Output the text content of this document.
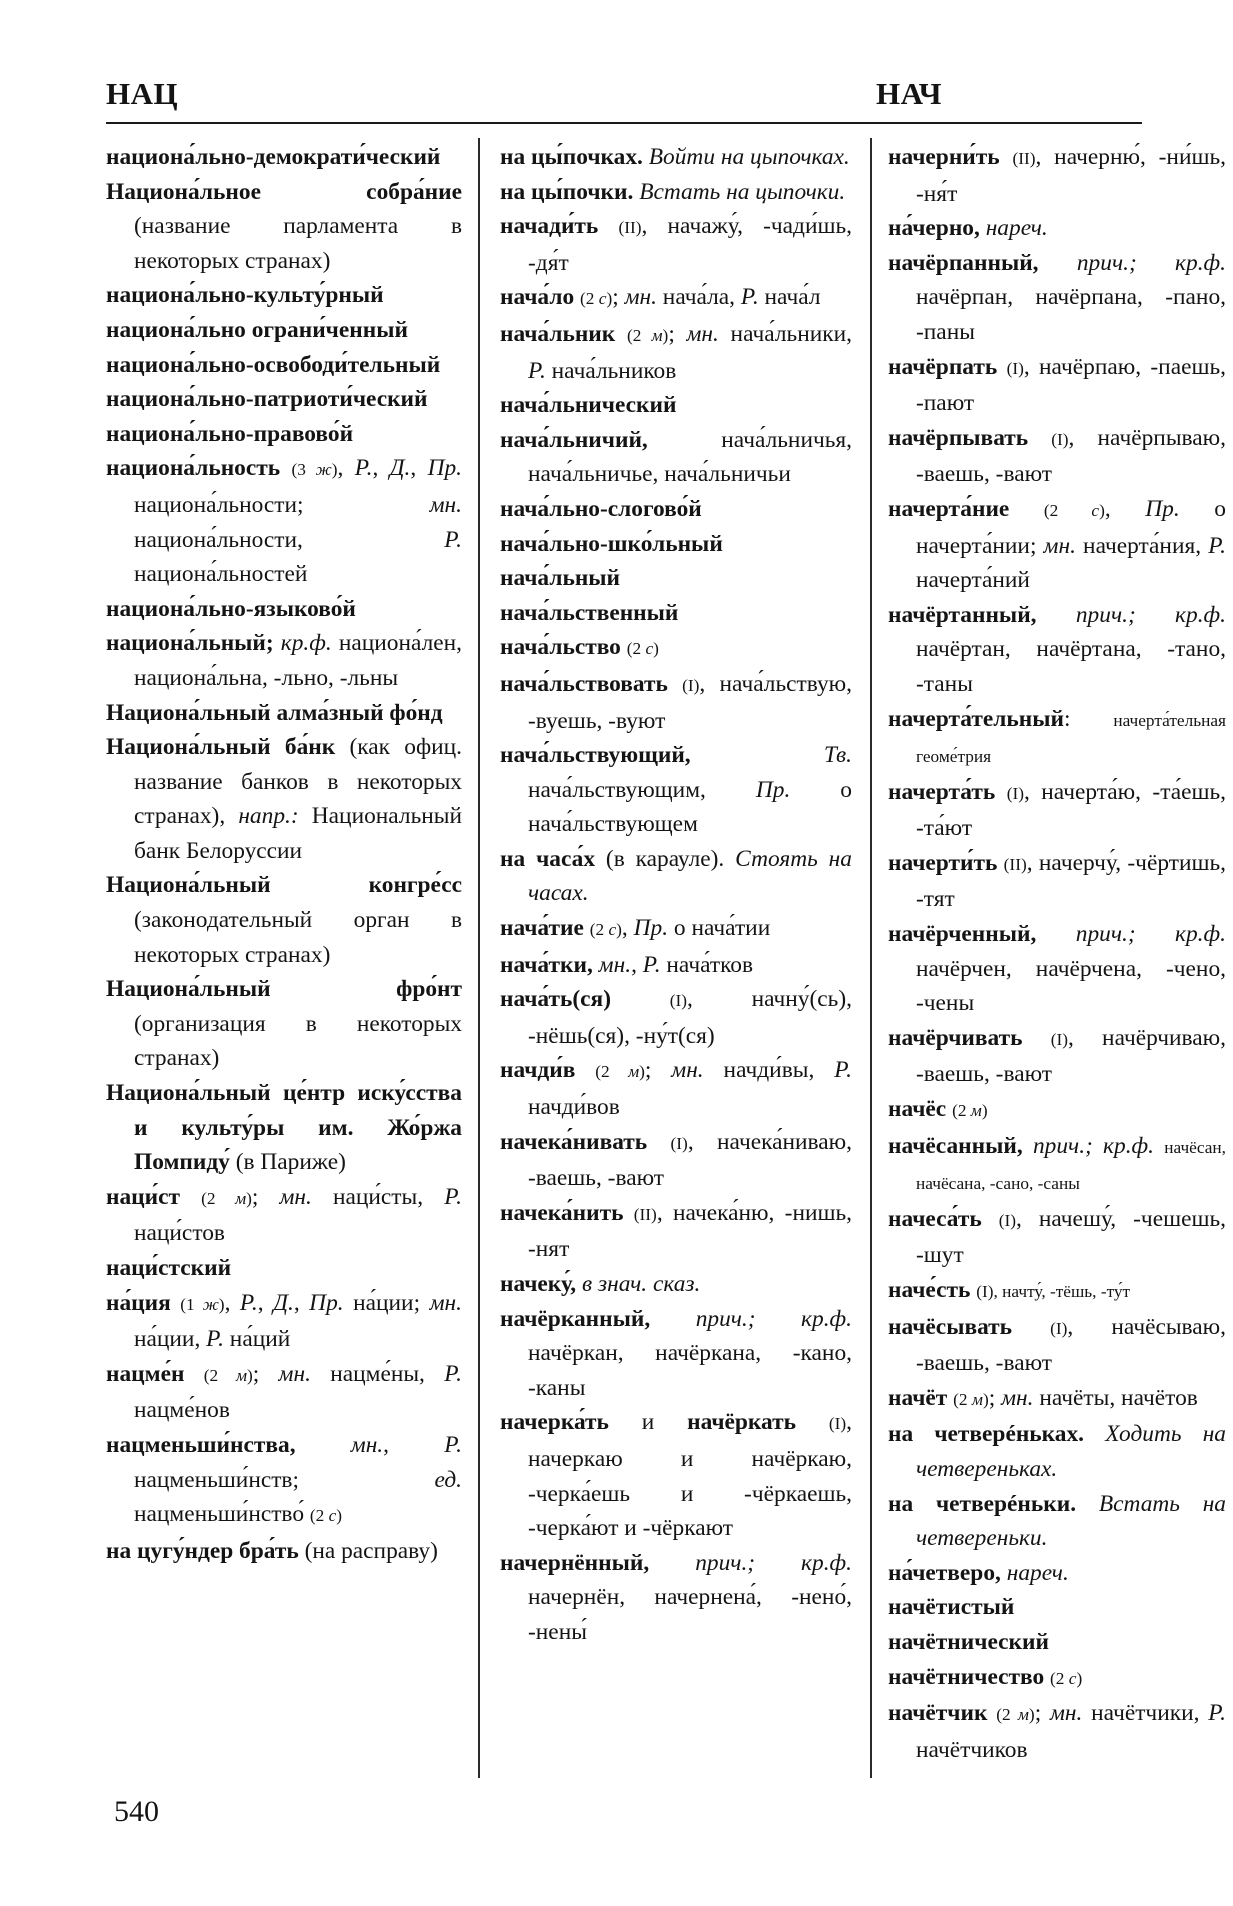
НАЦ	НАЧ

национа́льно-демократи́ческий

Национа́льное собра́ние (название парламента в некоторых странах)

национа́льно-культу́рный

национа́льно ограни́ченный

национа́льно-освободи́тельный

национа́льно-патриоти́ческий

национа́льно-правово́й

национа́льность (3 ж), Р., Д., Пр. национа́льности; мн. национа́льности, Р. национа́льностей

национа́льно-языково́й

национа́льный; кр.ф. национа́лен, национа́льна, -льно, -льны

Национа́льный алма́зный фо́нд

Национа́льный ба́нк (как офиц. название банков в некоторых странах), напр.: Национальный банк Белоруссии

Национа́льный конгре́сс (законодательный орган в некоторых странах)

Национа́льный фро́нт (организация в некоторых странах)

Национа́льный це́нтр иску́сства и культу́ры им. Жо́ржа Помпиду́ (в Париже)

наци́ст (2 м); мн. наци́сты, Р. наци́стов

наци́стский

на́ция (1 ж), Р., Д., Пр. на́ции; мн. на́ции, Р. на́ций

нацме́н (2 м); мн. нацме́ны, Р. нацме́нов

нацменьши́нства, мн., Р. нацменьши́нств; ед. нацменьши́нство́ (2 с)

на цугу́ндер бра́ть (на расправу)

на цы́почках. Войти на цыпочках.

на цы́почки. Встать на цыпочки.

начади́ть (II), начажу́, -чади́шь, -дя́т

нача́ло (2 с); мн. нача́ла, Р. нача́л

нача́льник (2 м); мн. нача́льники, Р. нача́льников

нача́льнический

нача́льничий, нача́льничья, нача́льничье, нача́льничьи

нача́льно-слогово́й

нача́льно-шко́льный

нача́льный

нача́льственный

нача́льство (2 с)

нача́льствовать (I), нача́льствую, -вуешь, -вуют

нача́льствующий,	Тв. нача́льствующим, Пр. о нача́льствующем

на часа́х (в карауле). Стоять на часах.

нача́тие (2 с), Пр. о нача́тии

нача́тки, мн., Р. нача́тков

нача́ть(ся)	(I), начну́(сь), -нёшь(ся), -ну́т(ся)

начди́в (2 м); мн. начди́вы, Р. начди́вов

начека́нивать (I), начека́ниваю, -ваешь, -вают

начека́нить (II), начека́ню, -нишь, -нят

начеку́, в знач. сказ.

начёрканный, прич.; кр.ф. начёркан, начёркана, -кано, -каны

начерка́ть и начёркать (I), начеркаю и начёркаю, -черка́ешь и -чёркаешь, -черка́ют и -чёркают

начернённый, прич.; кр.ф. начернён, начернена́, -нено́, -нены́

начерни́ть (II), начерню́, -ни́шь, -ня́т

на́черно, нареч.

начёрпанный, прич.; кр.ф. начёрпан, начёрпана, -пано, -паны

начёрпать (I), начёрпаю, -паешь, -пают

начёрпывать (I), начёрпываю, -ваешь, -вают

начерта́ние (2 с), Пр. о начерта́нии; мн. начерта́ния, Р. начерта́ний

начёртанный, прич.; кр.ф. начёртан, начёртана, -тано, -таны

начерта́тельный: начерта́тельная геоме́трия

начерта́ть (I), начерта́ю, -та́ешь, -та́ют

начерти́ть (II), начерчу́, -чёртишь, -тят

начёрченный, прич.; кр.ф. начёрчен, начёрчена, -чено, -чены

начёрчивать (I), начёрчиваю, -ваешь, -вают

начёс (2 м)

начёсанный, прич.; кр.ф. начёсан, начёсана, -сано, -саны

начеса́ть (I), начешу́, -чешешь, -шут

наче́сть (I), начту́, -тёшь, -ту́т

начёсывать (I), начёсываю, -ваешь, -вают

начёт (2 м); мн. начёты, начётов

на четверéньках. Ходить на четвереньках.

на четверéньки. Встать на четвереньки.

на́четверо, нареч.

начётистый

начётнический

начётничество (2 с)

начётчик (2 м); мн. начётчики, Р. начётчиков

540
